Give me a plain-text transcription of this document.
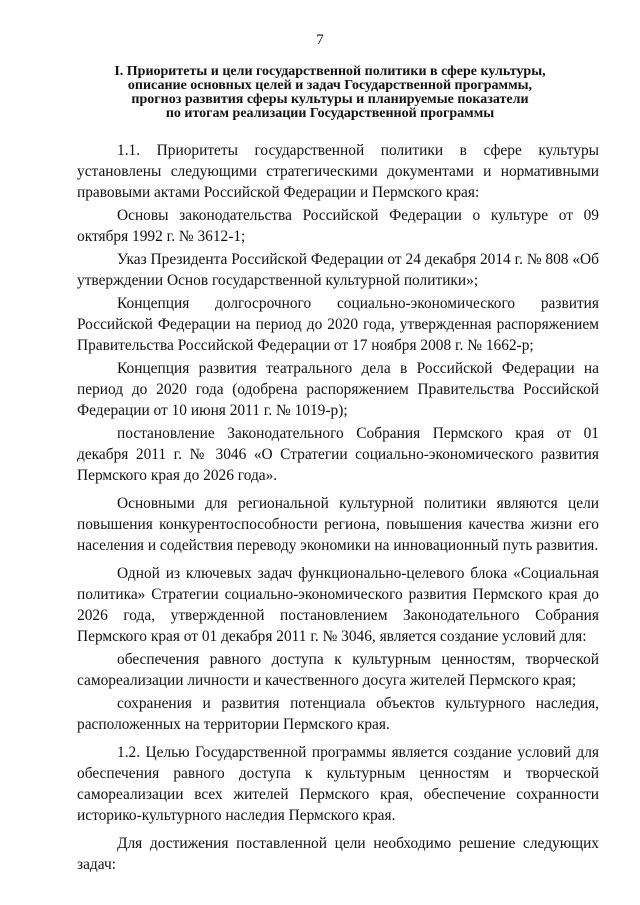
7
I. Приоритеты и цели государственной политики в сфере культуры,
описание основных целей и задач Государственной программы,
прогноз развития сферы культуры и планируемые показатели
по итогам реализации Государственной программы

1.1. Приоритеты государственной политики в сфере культуры установлены следующими стратегическими документами и нормативными правовыми актами Российской Федерации и Пермского края:

Основы законодательства Российской Федерации о культуре от 09 октября 1992 г. № 3612-1;

Указ Президента Российской Федерации от 24 декабря 2014 г. № 808 «Об утверждении Основ государственной культурной политики»;

Концепция долгосрочного социально-экономического развития Российской Федерации на период до 2020 года, утвержденная распоряжением Правительства Российской Федерации от 17 ноября 2008 г. № 1662-р;

Концепция развития театрального дела в Российской Федерации на период до 2020 года (одобрена распоряжением Правительства Российской Федерации от 10 июня 2011 г. № 1019-р);

постановление Законодательного Собрания Пермского края от 01 декабря 2011 г. № 3046 «О Стратегии социально-экономического развития Пермского края до 2026 года».

Основными для региональной культурной политики являются цели повышения конкурентоспособности региона, повышения качества жизни его населения и содействия переводу экономики на инновационный путь развития.

Одной из ключевых задач функционально-целевого блока «Социальная политика» Стратегии социально-экономического развития Пермского края до 2026 года, утвержденной постановлением Законодательного Собрания Пермского края от 01 декабря 2011 г. № 3046, является создание условий для:

обеспечения равного доступа к культурным ценностям, творческой самореализации личности и качественного досуга жителей Пермского края;

сохранения и развития потенциала объектов культурного наследия, расположенных на территории Пермского края.

1.2. Целью Государственной программы является создание условий для обеспечения равного доступа к культурным ценностям и творческой самореализации всех жителей Пермского края, обеспечение сохранности историко-культурного наследия Пермского края.

Для достижения поставленной цели необходимо решение следующих задач:
